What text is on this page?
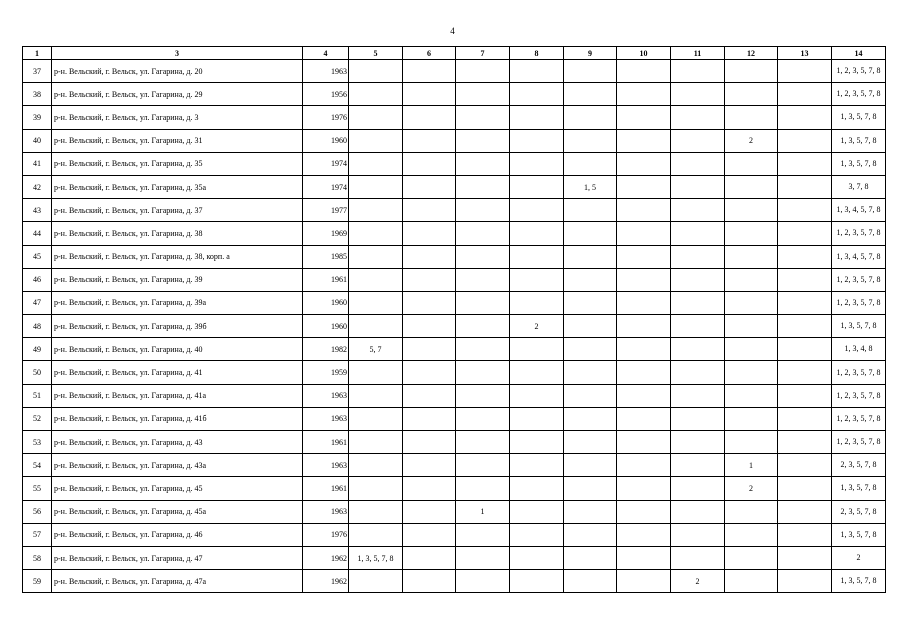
4
1	3	4	5	6	7	8	9	10	11	12	13	14
37	р-н. Вельский, г. Вельск, ул. Гагарина, д. 20	1963										1, 2, 3, 5, 7, 8
38	р-н. Вельский, г. Вельск, ул. Гагарина, д. 29	1956										1, 2, 3, 5, 7, 8
39	р-н. Вельский, г. Вельск, ул. Гагарина, д. 3	1976										1, 3, 5, 7, 8
40	р-н. Вельский, г. Вельск, ул. Гагарина, д. 31	1960								2		1, 3, 5, 7, 8
41	р-н. Вельский, г. Вельск, ул. Гагарина, д. 35	1974										1, 3, 5, 7, 8
42	р-н. Вельский, г. Вельск, ул. Гагарина, д. 35а	1974					1, 5					3, 7, 8
43	р-н. Вельский, г. Вельск, ул. Гагарина, д. 37	1977										1, 3, 4, 5, 7, 8
44	р-н. Вельский, г. Вельск, ул. Гагарина, д. 38	1969										1, 2, 3, 5, 7, 8
45	р-н. Вельский, г. Вельск, ул. Гагарина, д. 38, корп. а	1985										1, 3, 4, 5, 7, 8
46	р-н. Вельский, г. Вельск, ул. Гагарина, д. 39	1961										1, 2, 3, 5, 7, 8
47	р-н. Вельский, г. Вельск, ул. Гагарина, д. 39а	1960										1, 2, 3, 5, 7, 8
48	р-н. Вельский, г. Вельск, ул. Гагарина, д. 39б	1960				2						1, 3, 5, 7, 8
49	р-н. Вельский, г. Вельск, ул. Гагарина, д. 40	1982	5, 7									1, 3, 4, 8
50	р-н. Вельский, г. Вельск, ул. Гагарина, д. 41	1959										1, 2, 3, 5, 7, 8
51	р-н. Вельский, г. Вельск, ул. Гагарина, д. 41а	1963										1, 2, 3, 5, 7, 8
52	р-н. Вельский, г. Вельск, ул. Гагарина, д. 41б	1963										1, 2, 3, 5, 7, 8
53	р-н. Вельский, г. Вельск, ул. Гагарина, д. 43	1961										1, 2, 3, 5, 7, 8
54	р-н. Вельский, г. Вельск, ул. Гагарина, д. 43а	1963								1		2, 3, 5, 7, 8
55	р-н. Вельский, г. Вельск, ул. Гагарина, д. 45	1961								2		1, 3, 5, 7, 8
56	р-н. Вельский, г. Вельск, ул. Гагарина, д. 45а	1963			1							2, 3, 5, 7, 8
57	р-н. Вельский, г. Вельск, ул. Гагарина, д. 46	1976										1, 3, 5, 7, 8
58	р-н. Вельский, г. Вельск, ул. Гагарина, д. 47	1962	1, 3, 5, 7, 8									2
59	р-н. Вельский, г. Вельск, ул. Гагарина, д. 47а	1962							2			1, 3, 5, 7, 8
